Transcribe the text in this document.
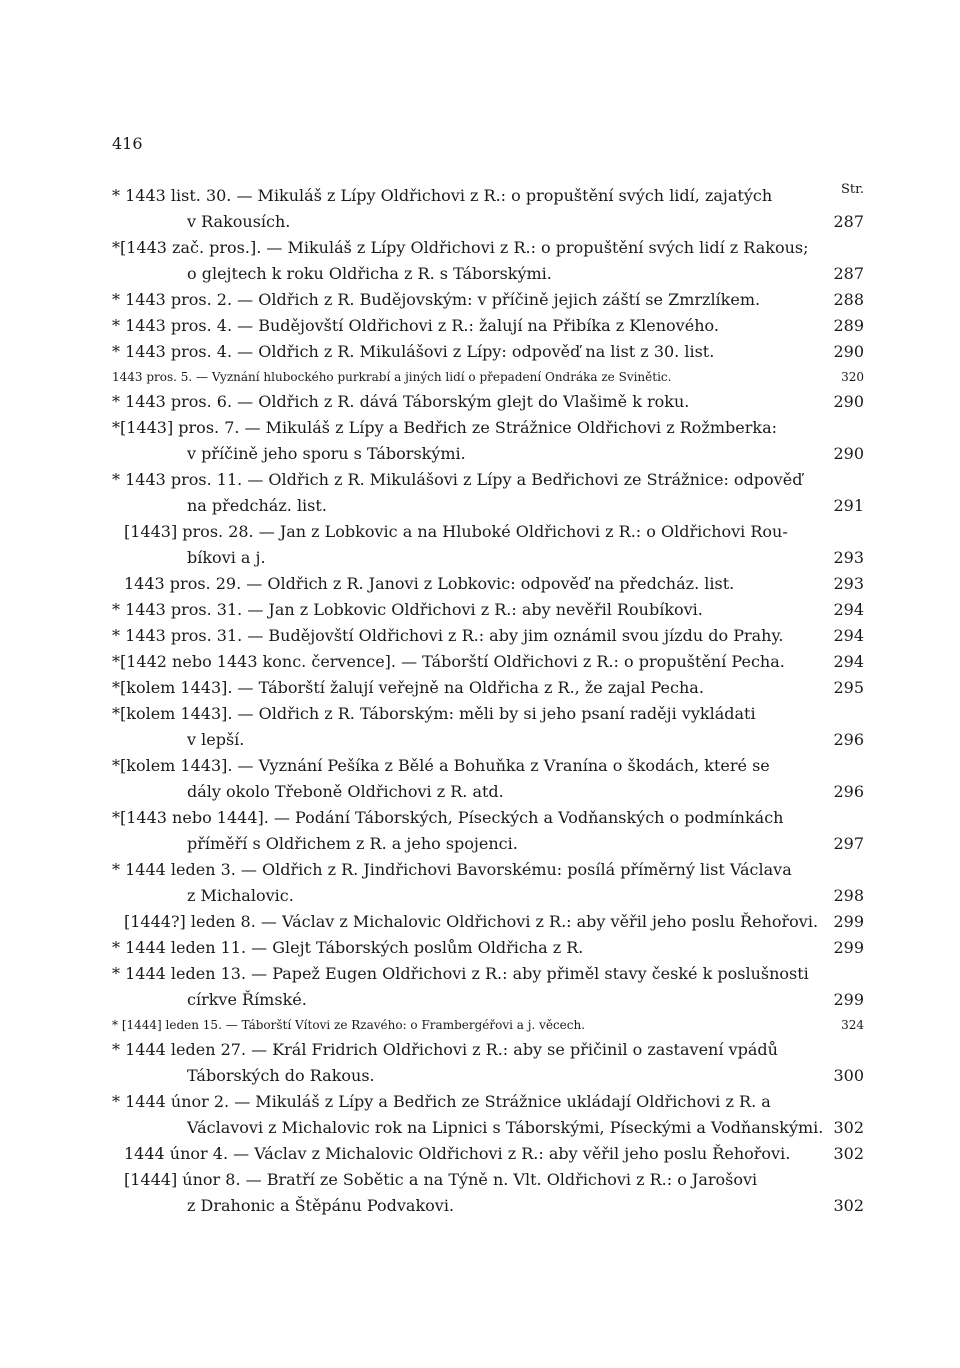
416
Str.
* 1443 list. 30. — Mikuláš z Lípy Oldřichovi z R.: o propuštění svých lidí, zajatých
v Rakousích.	287
*[1443 zač. pros.]. — Mikuláš z Lípy Oldřichovi z R.: o propuštění svých lidí z Rakous;
o glejtech k roku Oldřicha z R. s Táborskými.	287
* 1443 pros. 2. — Oldřich z R. Budějovským: v příčině jejich záští se Zmrzlíkem.	288
* 1443 pros. 4. — Budějovští Oldřichovi z R.: žalují na Přibíka z Klenového.	289
* 1443 pros. 4. — Oldřich z R. Mikulášovi z Lípy: odpověď na list z 30. list.	290
1443 pros. 5. — Vyznání hlubockého purkrabí a jiných lidí o přepadení Ondráka ze Svinětic.	320
* 1443 pros. 6. — Oldřich z R. dává Táborským glejt do Vlašimě k roku.	290
*[1443] pros. 7. — Mikuláš z Lípy a Bedřich ze Strážnice Oldřichovi z Rožmberka:
v příčině jeho sporu s Táborskými.	290
* 1443 pros. 11. — Oldřich z R. Mikulášovi z Lípy a Bedřichovi ze Strážnice: odpověď
na předcház. list.	291
[1443] pros. 28. — Jan z Lobkovic a na Hluboké Oldřichovi z R.: o Oldřichovi Rou-
bíkovi a j.	293
1443 pros. 29. — Oldřich z R. Janovi z Lobkovic: odpověď na předcház. list.	293
* 1443 pros. 31. — Jan z Lobkovic Oldřichovi z R.: aby nevěřil Roubíkovi.	294
* 1443 pros. 31. — Budějovští Oldřichovi z R.: aby jim oznámil svou jízdu do Prahy.	294
*[1442 nebo 1443 konc. července]. — Táborští Oldřichovi z R.: o propuštění Pecha.	294
*[kolem 1443]. — Táborští žalují veřejně na Oldřicha z R., že zajal Pecha.	295
*[kolem 1443]. — Oldřich z R. Táborským: měli by si jeho psaní raději vykládati
v lepší.	296
*[kolem 1443]. — Vyznání Pešíka z Bělé a Bohuňka z Vranína o škodách, které se
dály okolo Třeboně Oldřichovi z R. atd.	296
*[1443 nebo 1444]. — Podání Táborských, Píseckých a Vodňanských o podmínkách
příměří s Oldřichem z R. a jeho spojenci.	297
* 1444 leden 3. — Oldřich z R. Jindřichovi Bavorskému: posílá příměrný list Václava
z Michalovic.	298
[1444?] leden 8. — Václav z Michalovic Oldřichovi z R.: aby věřil jeho poslu Řehořovi. 299
* 1444 leden 11. — Glejt Táborských poslům Oldřicha z R.	299
* 1444 leden 13. — Papež Eugen Oldřichovi z R.: aby přiměl stavy české k poslušnosti
církve Římské.	299
* [1444] leden 15. — Táborští Vítovi ze Rzavého: o Frambergéřovi a j. věcech.	324
* 1444 leden 27. — Král Fridrich Oldřichovi z R.: aby se přičinil o zastavení vpádů
Táborských do Rakous.	300
* 1444 únor 2. — Mikuláš z Lípy a Bedřich ze Strážnice ukládají Oldřichovi z R. a
Václavovi z Michalovic rok na Lipnici s Táborskými, Píseckými a Vodňanskými. 302
1444 únor 4. — Václav z Michalovic Oldřichovi z R.: aby věřil jeho poslu Řehořovi.	302
[1444] únor 8. — Bratří ze Sobětic a na Týně n. Vlt. Oldřichovi z R.: o Jarošovi
z Drahonic a Štěpánu Podvakovi.	302
